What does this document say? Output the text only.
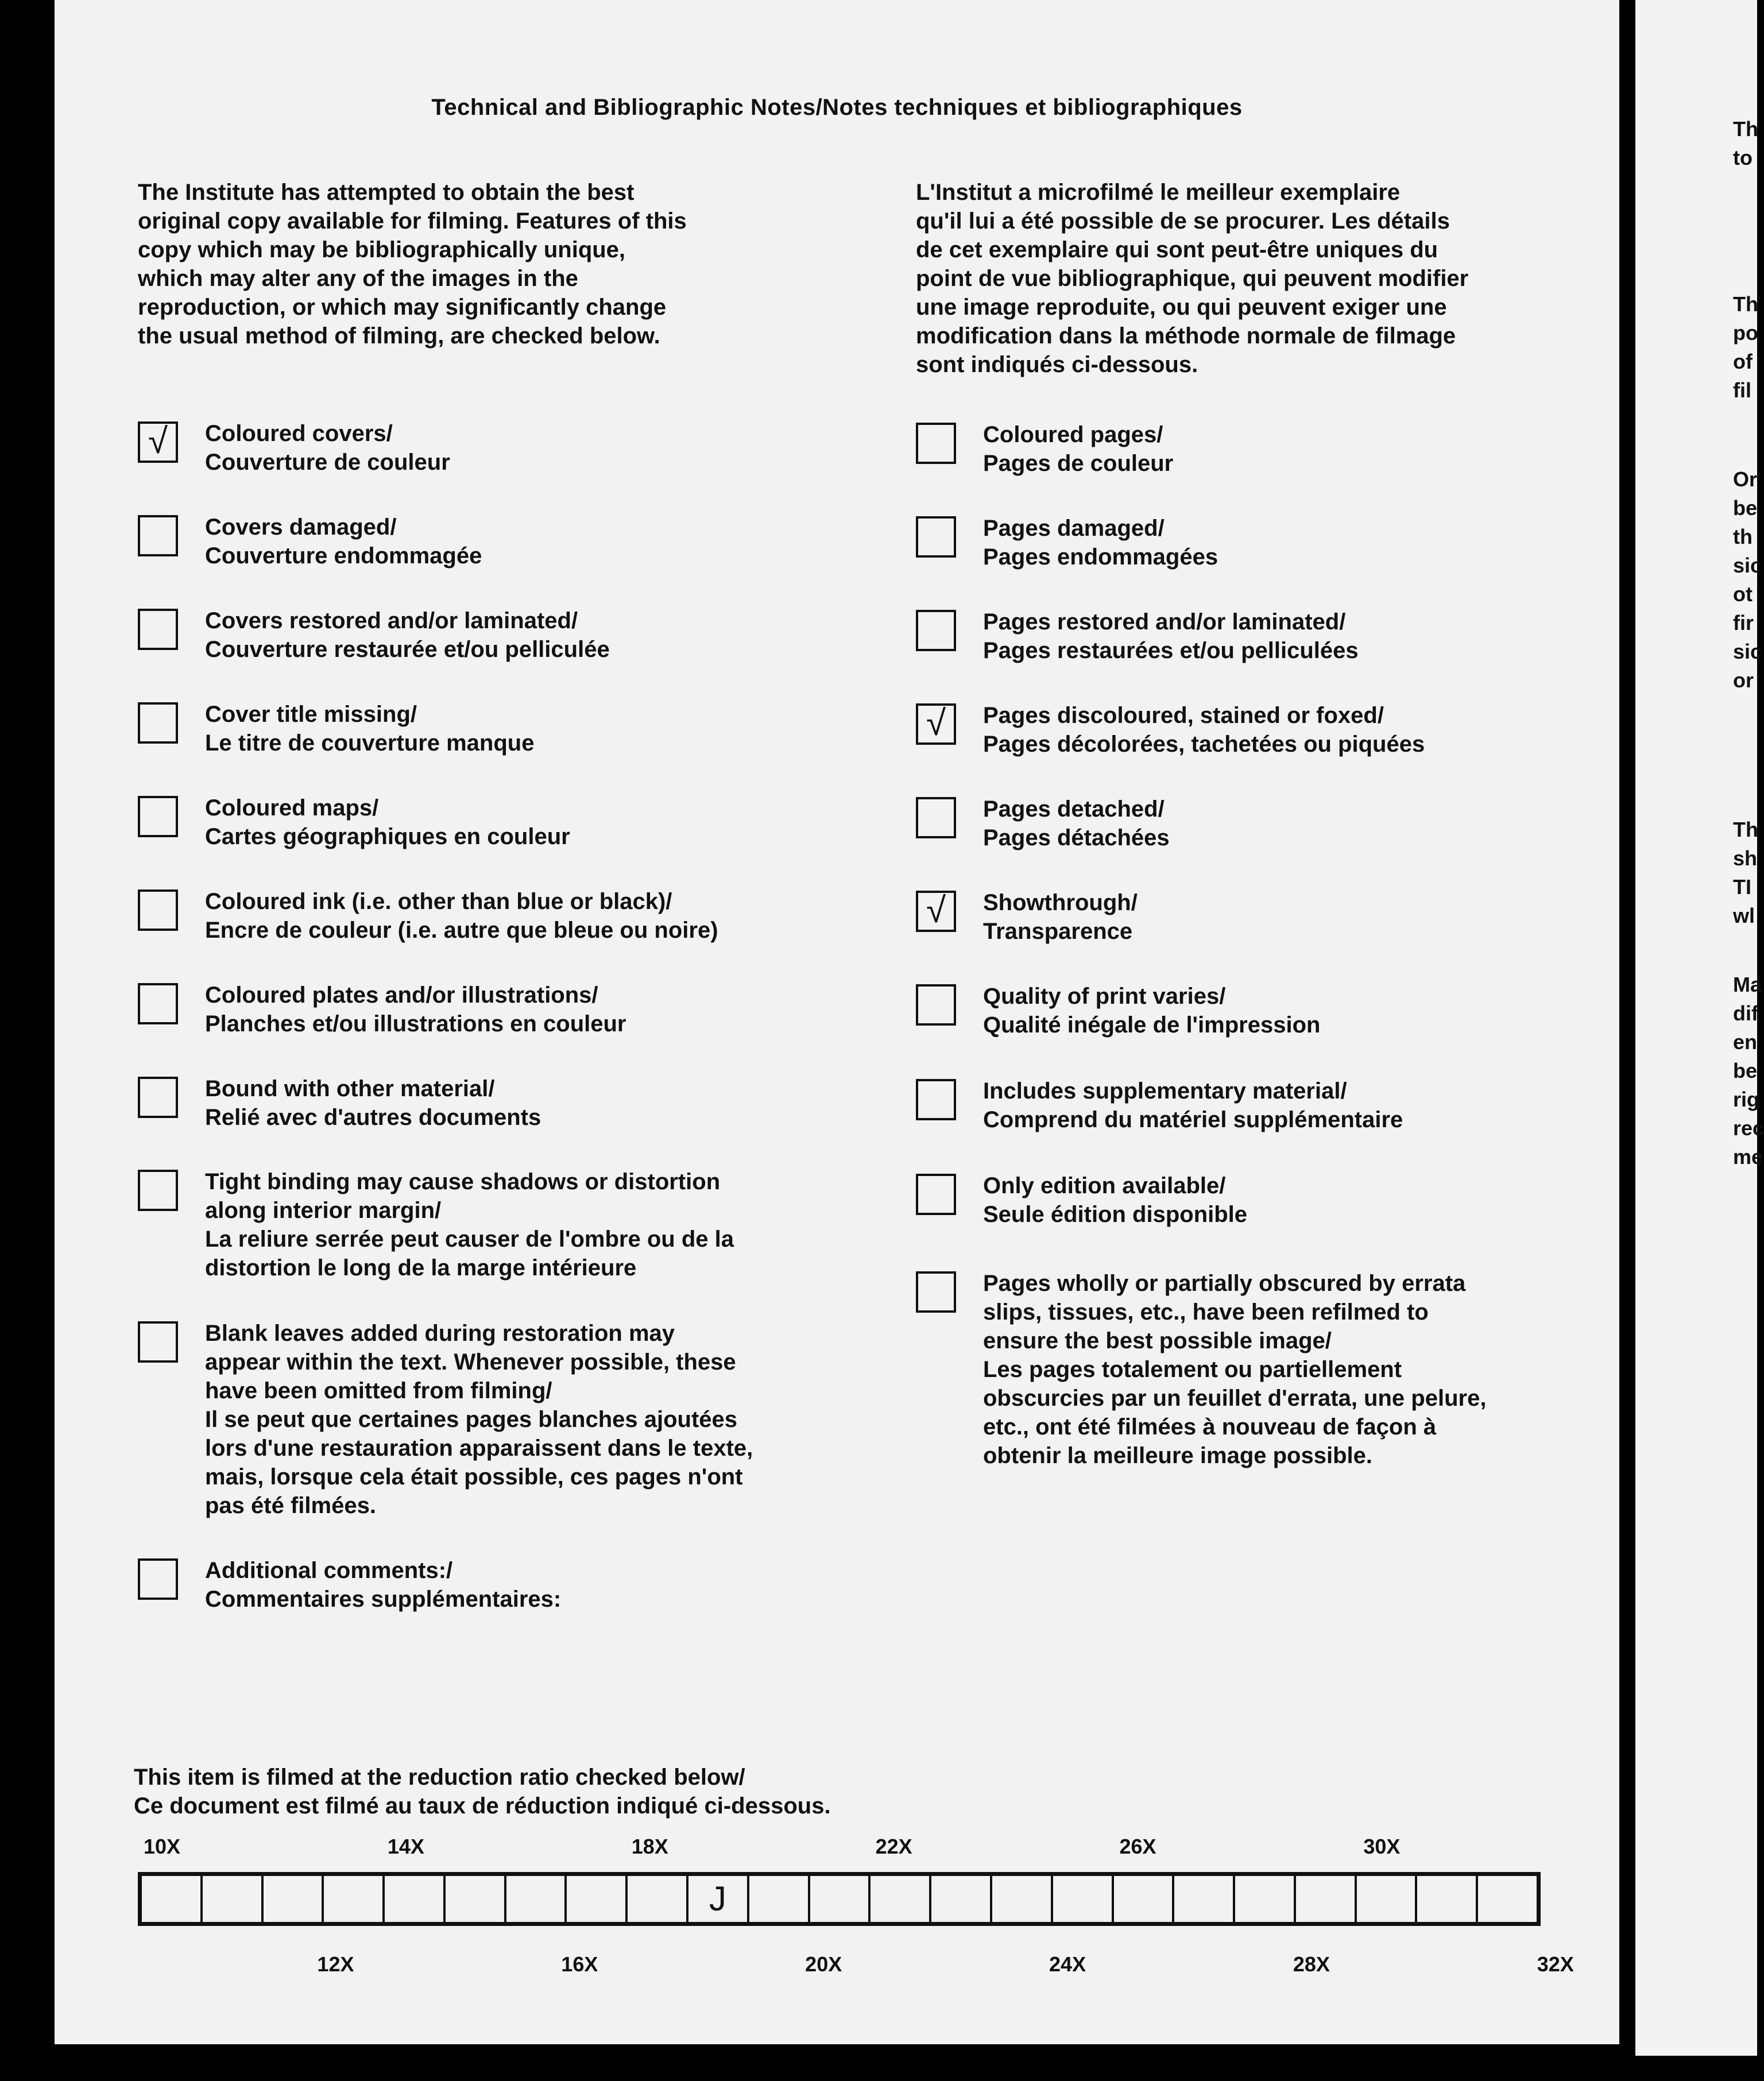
Technical and Bibliographic Notes/Notes techniques et bibliographiques
The Institute has attempted to obtain the best
original copy available for filming. Features of this
copy which may be bibliographically unique,
which may alter any of the images in the
reproduction, or which may significantly change
the usual method of filming, are checked below.
L'Institut a microfilmé le meilleur exemplaire
qu'il lui a été possible de se procurer. Les détails
de cet exemplaire qui sont peut-être uniques du
point de vue bibliographique, qui peuvent modifier
une image reproduite, ou qui peuvent exiger une
modification dans la méthode normale de filmage
sont indiqués ci-dessous.
√	Coloured covers/
Couverture de couleur
Covers damaged/
Couverture endommagée
Covers restored and/or laminated/
Couverture restaurée et/ou pelliculée
Cover title missing/
Le titre de couverture manque
Coloured maps/
Cartes géographiques en couleur
Coloured ink (i.e. other than blue or black)/
Encre de couleur (i.e. autre que bleue ou noire)
Coloured plates and/or illustrations/
Planches et/ou illustrations en couleur
Bound with other material/
Relié avec d'autres documents
Tight binding may cause shadows or distortion
along interior margin/
La reliure serrée peut causer de l'ombre ou de la
distortion le long de la marge intérieure
Blank leaves added during restoration may
appear within the text. Whenever possible, these
have been omitted from filming/
Il se peut que certaines pages blanches ajoutées
lors d'une restauration apparaissent dans le texte,
mais, lorsque cela était possible, ces pages n'ont
pas été filmées.
Additional comments:/
Commentaires supplémentaires:
Coloured pages/
Pages de couleur
Pages damaged/
Pages endommagées
Pages restored and/or laminated/
Pages restaurées et/ou pelliculées
√	Pages discoloured, stained or foxed/
Pages décolorées, tachetées ou piquées
Pages detached/
Pages détachées
√	Showthrough/
Transparence
Quality of print varies/
Qualité inégale de l'impression
Includes supplementary material/
Comprend du matériel supplémentaire
Only edition available/
Seule édition disponible
Pages wholly or partially obscured by errata
slips, tissues, etc., have been refilmed to
ensure the best possible image/
Les pages totalement ou partiellement
obscurcies par un feuillet d'errata, une pelure,
etc., ont été filmées à nouveau de façon à
obtenir la meilleure image possible.
This item is filmed at the reduction ratio checked below/
Ce document est filmé au taux de réduction indiqué ci-dessous.
10X	14X	18X	22X	26X	30X
J
12X	16X	20X	24X	28X	32X
Th
to
Th
po
of
fil
Or
be
th
sic
ot
fir
sic
or
Th
sh
TI
wl
Ma
dif
en
be
rig
rec
me
